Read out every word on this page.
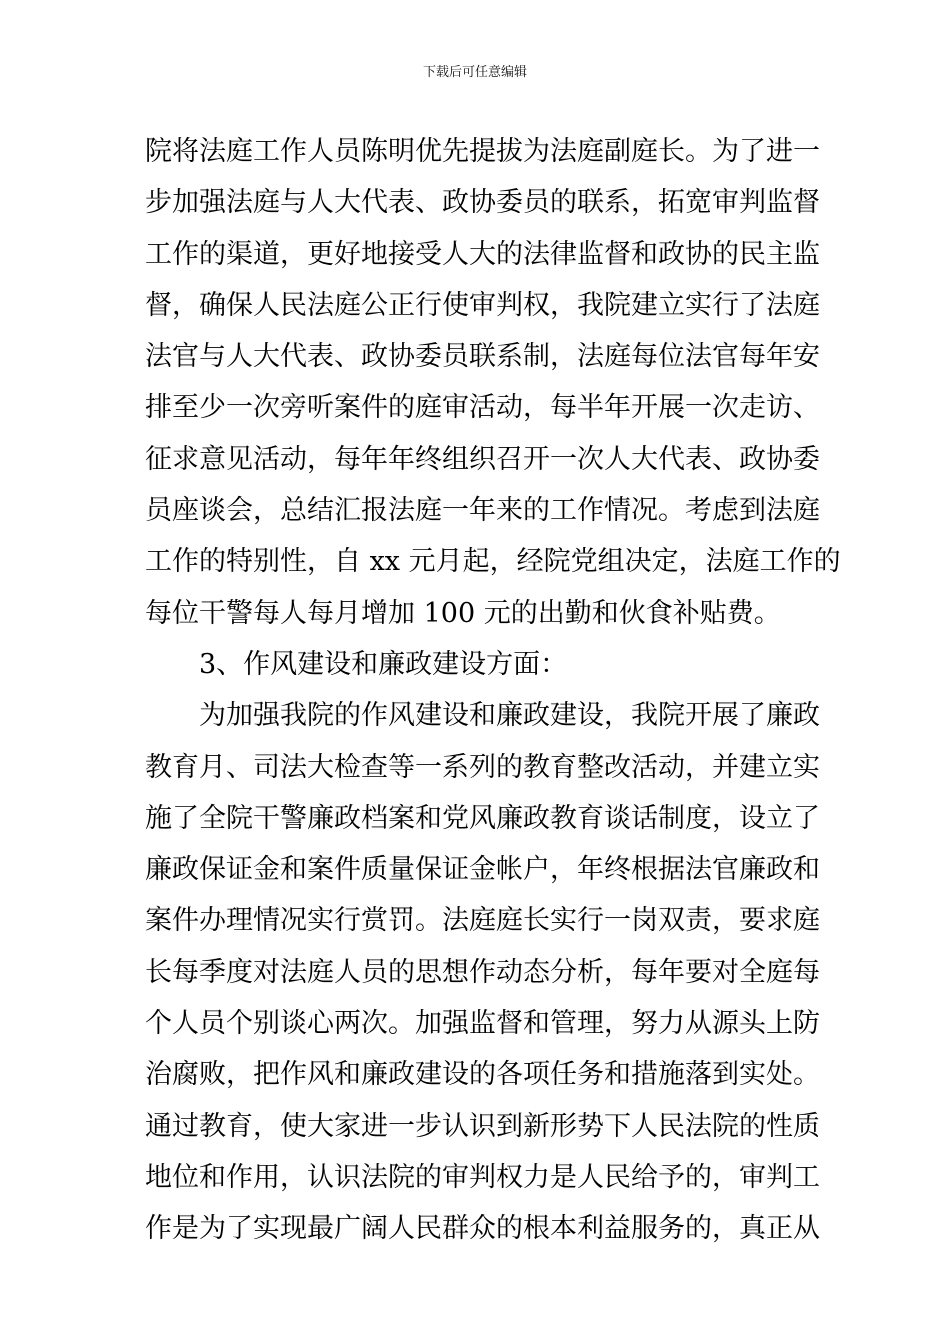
下载后可任意编辑
院将法庭工作人员陈明优先提拔为法庭副庭长。为了进一
步加强法庭与人大代表、政协委员的联系，拓宽审判监督
工作的渠道，更好地接受人大的法律监督和政协的民主监
督，确保人民法庭公正行使审判权，我院建立实行了法庭
法官与人大代表、政协委员联系制，法庭每位法官每年安
排至少一次旁听案件的庭审活动，每半年开展一次走访、
征求意见活动，每年年终组织召开一次人大代表、政协委
员座谈会，总结汇报法庭一年来的工作情况。考虑到法庭
工作的特别性，自 xx 元月起，经院党组决定，法庭工作的
每位干警每人每月增加 100 元的出勤和伙食补贴费。
3、作风建设和廉政建设方面：
为加强我院的作风建设和廉政建设，我院开展了廉政
教育月、司法大检查等一系列的教育整改活动，并建立实
施了全院干警廉政档案和党风廉政教育谈话制度，设立了
廉政保证金和案件质量保证金帐户，年终根据法官廉政和
案件办理情况实行赏罚。法庭庭长实行一岗双责，要求庭
长每季度对法庭人员的思想作动态分析，每年要对全庭每
个人员个别谈心两次。加强监督和管理，努力从源头上防
治腐败，把作风和廉政建设的各项任务和措施落到实处。
通过教育，使大家进一步认识到新形势下人民法院的性质
地位和作用，认识法院的审判权力是人民给予的，审判工
作是为了实现最广阔人民群众的根本利益服务的，真正从
